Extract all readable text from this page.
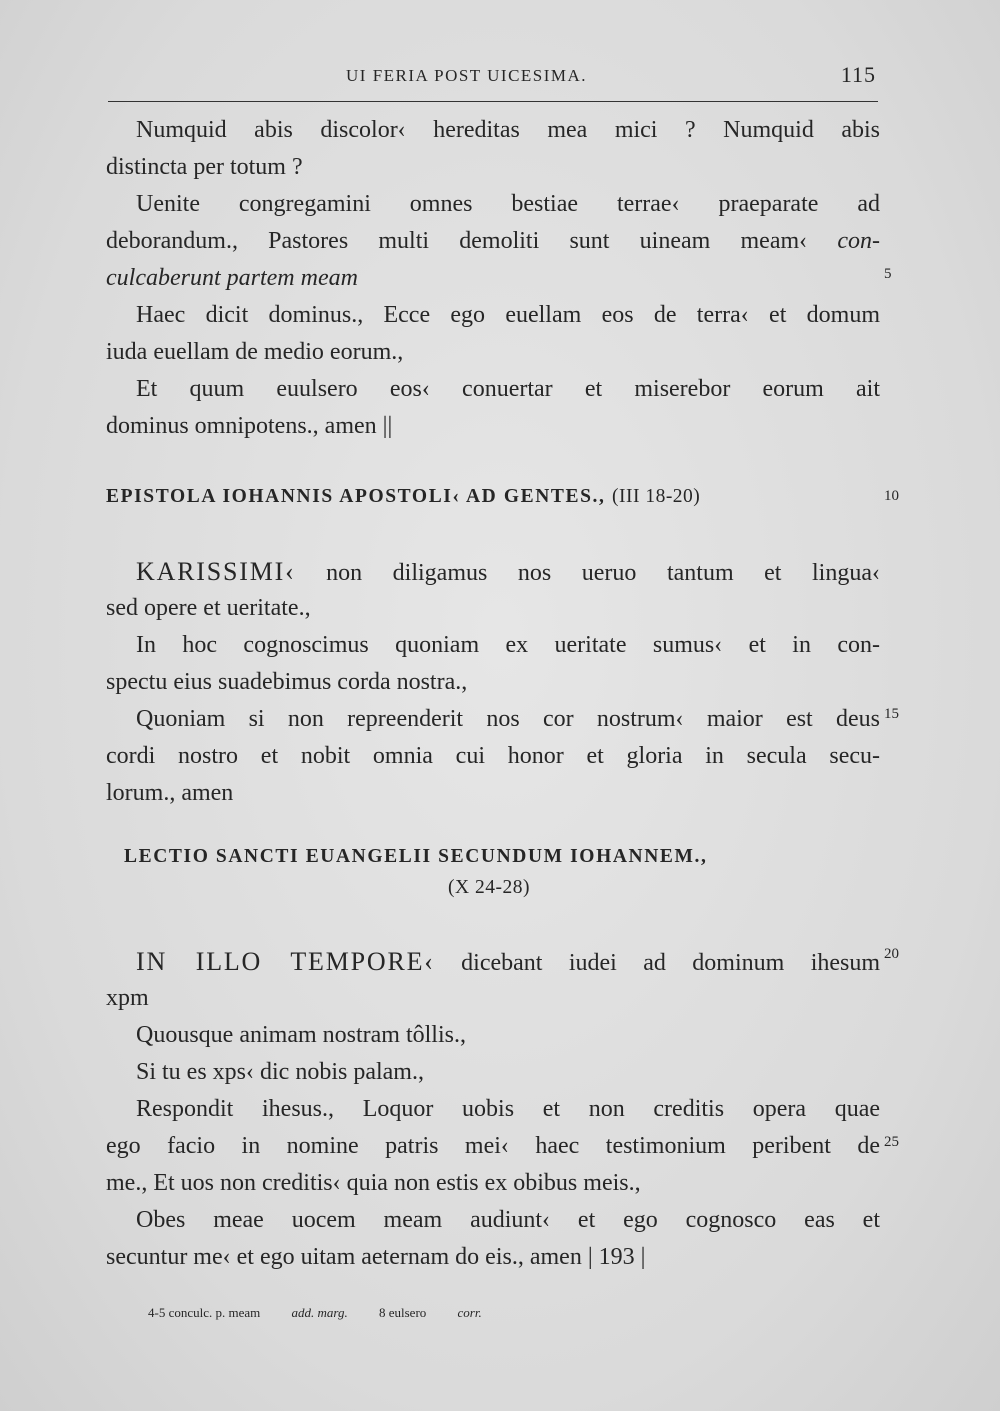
UI FERIA POST UICESIMA.	115
Numquid abis discolor‹ hereditas mea mici ? Numquid abis
distincta per totum ?
Uenite congregamini omnes bestiae terrae‹ praeparate ad
deborandum., Pastores multi demoliti sunt uineam meam‹ con-
culcaberunt partem meam
Haec dicit dominus., Ecce ego euellam eos de terra‹ et domum
iuda euellam de medio eorum.,
Et quum euulsero eos‹ conuertar et miserebor eorum ait
dominus omnipotens., amen ||
EPISTOLA IOHANNIS APOSTOLI‹ AD GENTES., (III 18-20)
KARISSIMI‹ non diligamus nos ueruo tantum et lingua‹
sed opere et ueritate.,
In hoc cognoscimus quoniam ex ueritate sumus‹ et in con-
spectu eius suadebimus corda nostra.,
Quoniam si non repreenderit nos cor nostrum‹ maior est deus
cordi nostro et nobit omnia cui honor et gloria in secula secu-
lorum., amen
LECTIO SANCTI EUANGELII SECUNDUM IOHANNEM.,
(X 24-28)
IN ILLO TEMPORE‹ dicebant iudei ad dominum ihesum
xpm
Quousque animam nostram tôllis.,
Si tu es xps‹ dic nobis palam.,
Respondit ihesus., Loquor uobis et non creditis opera quae
ego facio in nomine patris mei‹ haec testimonium peribent de
me., Et uos non creditis‹ quia non estis ex obibus meis.,
Obes meae uocem meam audiunt‹ et ego cognosco eas et
secuntur me‹ et ego uitam aeternam do eis., amen | 193 |
5
10
15
20
25
4-5 conculc. p. meam add. marg. 8 eulsero corr.
